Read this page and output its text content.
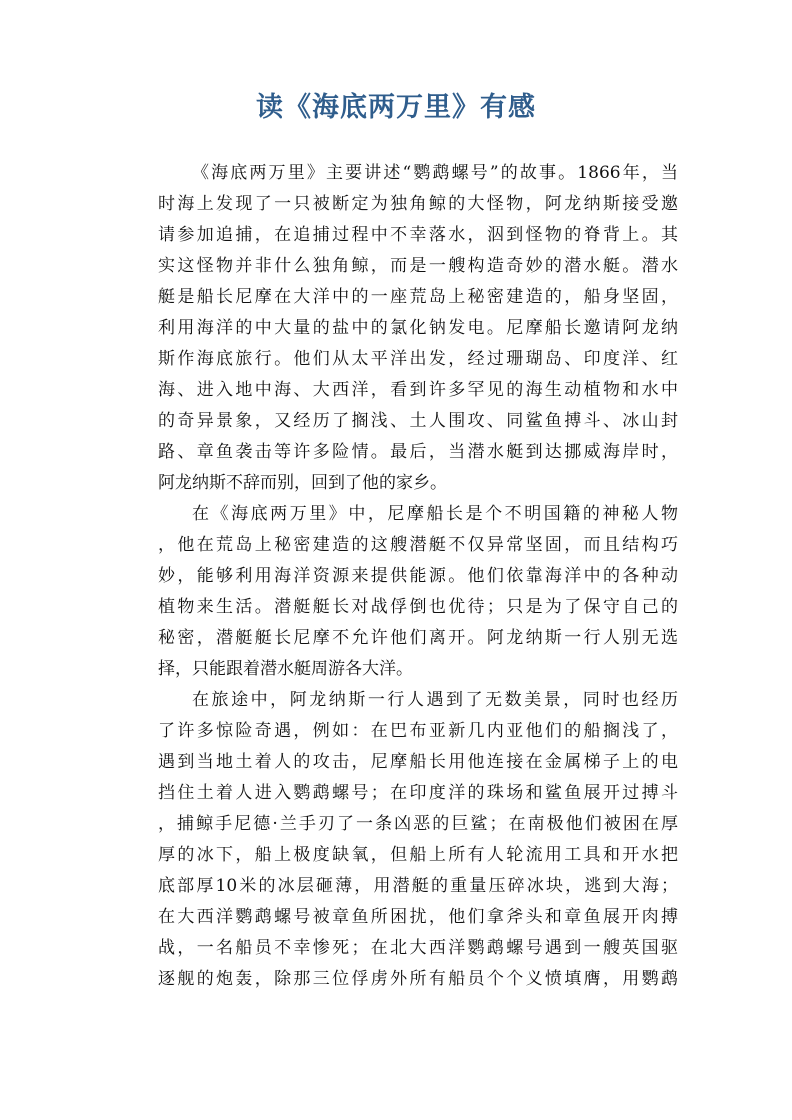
读《海底两万里》有感
《海底两万里》主要讲述“鹦鹉螺号”的故事。1866年，当
时海上发现了一只被断定为独角鲸的大怪物，阿龙纳斯接受邀
请参加追捕，在追捕过程中不幸落水，泅到怪物的脊背上。其
实这怪物并非什么独角鲸，而是一艘构造奇妙的潜水艇。潜水
艇是船长尼摩在大洋中的一座荒岛上秘密建造的，船身坚固，
利用海洋的中大量的盐中的氯化钠发电。尼摩船长邀请阿龙纳
斯作海底旅行。他们从太平洋出发，经过珊瑚岛、印度洋、红
海、进入地中海、大西洋，看到许多罕见的海生动植物和水中
的奇异景象，又经历了搁浅、土人围攻、同鲨鱼搏斗、冰山封
路、章鱼袭击等许多险情。最后，当潜水艇到达挪威海岸时，
阿龙纳斯不辞而别，回到了他的家乡。
在《海底两万里》中，尼摩船长是个不明国籍的神秘人物
，他在荒岛上秘密建造的这艘潜艇不仅异常坚固，而且结构巧
妙，能够利用海洋资源来提供能源。他们依靠海洋中的各种动
植物来生活。潜艇艇长对战俘倒也优待；只是为了保守自己的
秘密，潜艇艇长尼摩不允许他们离开。阿龙纳斯一行人别无选
择，只能跟着潜水艇周游各大洋。
在旅途中，阿龙纳斯一行人遇到了无数美景，同时也经历
了许多惊险奇遇，例如：在巴布亚新几内亚他们的船搁浅了，
遇到当地土着人的攻击，尼摩船长用他连接在金属梯子上的电
挡住土着人进入鹦鹉螺号；在印度洋的珠场和鲨鱼展开过搏斗
，捕鲸手尼德·兰手刃了一条凶恶的巨鲨；在南极他们被困在厚
厚的冰下，船上极度缺氧，但船上所有人轮流用工具和开水把
底部厚10米的冰层砸薄，用潜艇的重量压碎冰块，逃到大海；
在大西洋鹦鹉螺号被章鱼所困扰，他们拿斧头和章鱼展开肉搏
战，一名船员不幸惨死；在北大西洋鹦鹉螺号遇到一艘英国驱
逐舰的炮轰，除那三位俘虏外所有船员个个义愤填膺，用鹦鹉
